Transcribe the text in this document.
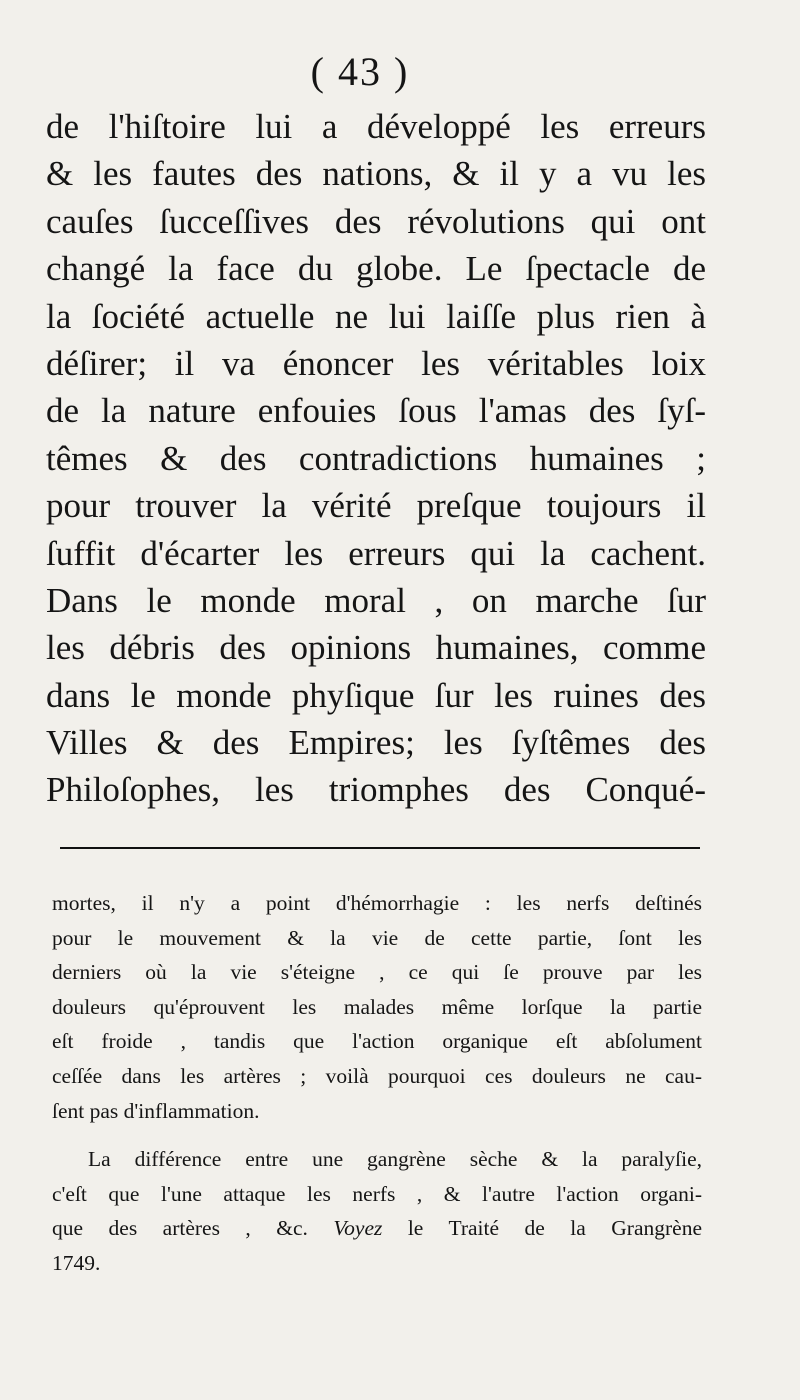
( 43 )
de l'hiſtoire lui a développé les erreurs
& les fautes des nations, & il y a vu les
cauſes ſucceſſives des révolutions qui ont
changé la face du globe. Le ſpectacle de
la ſociété actuelle ne lui laiſſe plus rien à
déſirer; il va énoncer les véritables loix
de la nature enfouies ſous l'amas des ſyſ-
têmes & des contradictions humaines ;
pour trouver la vérité preſque toujours il
ſuffit d'écarter les erreurs qui la cachent.
Dans le monde moral , on marche ſur
les débris des opinions humaines, comme
dans le monde phyſique ſur les ruines des
Villes & des Empires; les ſyſtêmes des
Philoſophes, les triomphes des Conqué-
mortes, il n'y a point d'hémorrhagie : les nerfs deſtinés
pour le mouvement & la vie de cette partie, ſont les
derniers où la vie s'éteigne , ce qui ſe prouve par les
douleurs qu'éprouvent les malades même lorſque la partie
eſt froide , tandis que l'action organique eſt abſolument
ceſſée dans les artères ; voilà pourquoi ces douleurs ne cau-
ſent pas d'inflammation.
La différence entre une gangrène sèche & la paralyſie,
c'eſt que l'une attaque les nerfs , & l'autre l'action organi-
que des artères , &c. Voyez le Traité de la Grangrène
1749.
